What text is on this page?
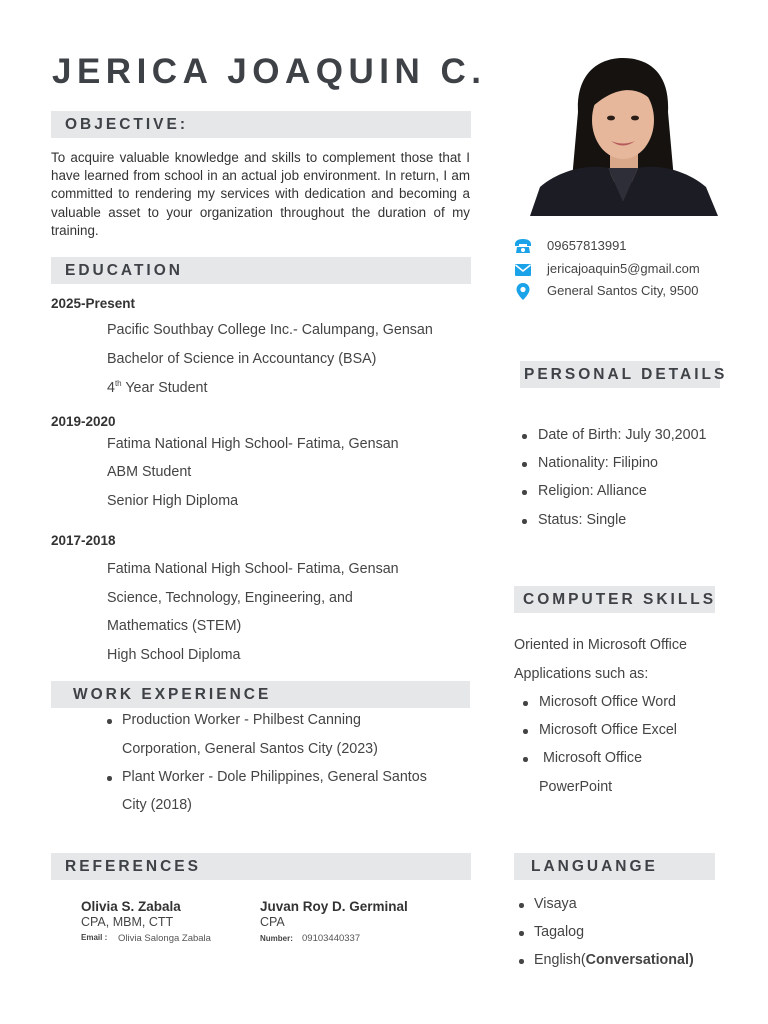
JERICA JOAQUIN C.
OBJECTIVE:
To acquire valuable knowledge and skills to complement those that I have learned from school in an actual job environment. In return, I am committed to rendering my services with dedication and becoming a valuable asset to your organization throughout the duration of my training.
EDUCATION
2025-Present
Pacific Southbay College Inc.- Calumpang, Gensan
Bachelor of Science in Accountancy (BSA)
4th Year Student
2019-2020
Fatima National High School- Fatima, Gensan
ABM Student
Senior High Diploma
2017-2018
Fatima National High School- Fatima, Gensan
Science, Technology, Engineering, and
Mathematics (STEM)
High School Diploma
WORK EXPERIENCE
Production Worker - Philbest Canning
Corporation, General Santos City (2023)
Plant Worker - Dole Philippines, General Santos
City (2018)
REFERENCES
Olivia S. Zabala
CPA, MBM, CTT
Email : Olivia Salonga Zabala
Juvan Roy D. Germinal
CPA
Number: 09103440337
09657813991
jericajoaquin5@gmail.com
General Santos City, 9500
PERSONAL DETAILS
Date of Birth: July 30,2001
Nationality: Filipino
Religion: Alliance
Status: Single
COMPUTER SKILLS
Oriented in Microsoft Office
Applications such as:
Microsoft Office Word
Microsoft Office Excel
Microsoft Office
PowerPoint
LANGUANGE
Visaya
Tagalog
English(Conversational)
